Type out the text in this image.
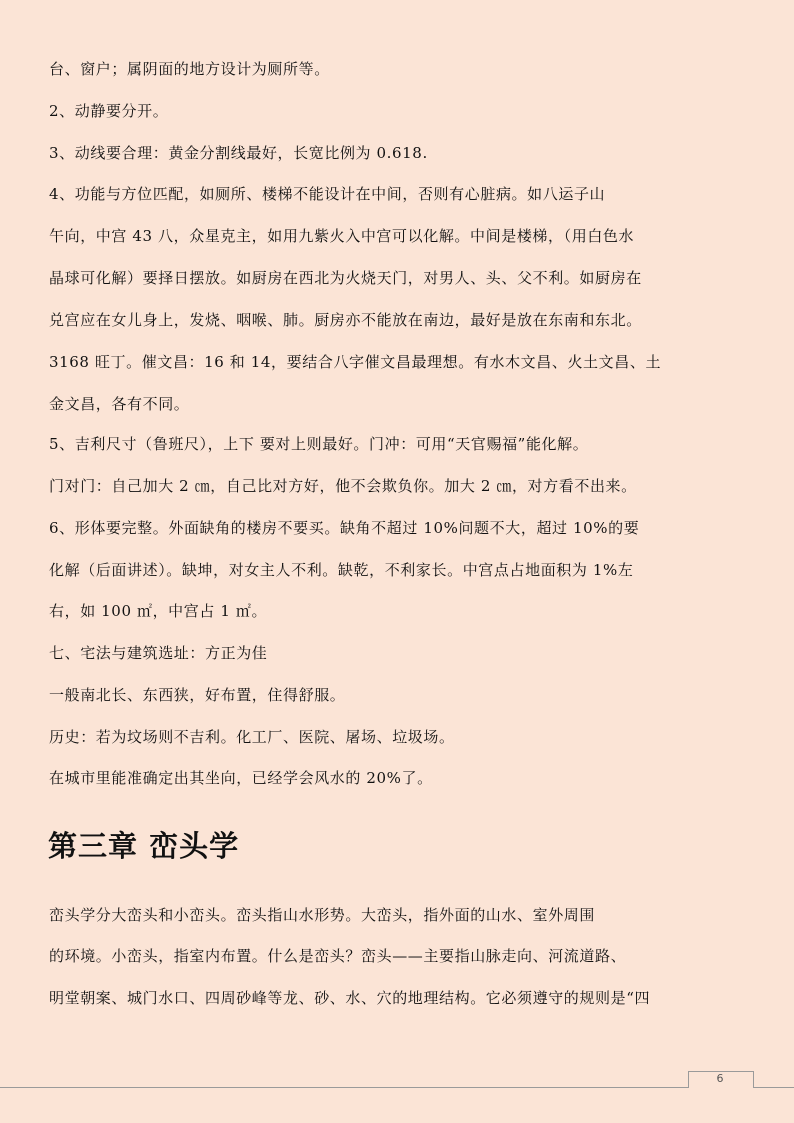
台、窗户；属阴面的地方设计为厕所等。
2、动静要分开。
3、动线要合理：黄金分割线最好，长宽比例为 0.618.
4、功能与方位匹配，如厕所、楼梯不能设计在中间，否则有心脏病。如八运子山
午向，中宫 43 八，众星克主，如用九紫火入中宫可以化解。中间是楼梯，（用白色水
晶球可化解）要择日摆放。如厨房在西北为火烧天门，对男人、头、父不利。如厨房在
兑宫应在女儿身上，发烧、咽喉、肺。厨房亦不能放在南边，最好是放在东南和东北。
3168 旺丁。催文昌：16 和 14，要结合八字催文昌最理想。有水木文昌、火土文昌、土
金文昌，各有不同。
5、吉利尺寸（鲁班尺），上下 要对上则最好。门冲：可用“天官赐福”能化解。
门对门：自己加大 2 ㎝，自己比对方好，他不会欺负你。加大 2 ㎝，对方看不出来。
6、形体要完整。外面缺角的楼房不要买。缺角不超过 10%问题不大，超过 10%的要
化解（后面讲述）。缺坤，对女主人不利。缺乾，不利家长。中宫点占地面积为 1%左
右，如 100 ㎡，中宫占 1 ㎡。
七、宅法与建筑选址：方正为佳
一般南北长、东西狭，好布置，住得舒服。
历史：若为坟场则不吉利。化工厂、医院、屠场、垃圾场。
在城市里能准确定出其坐向，已经学会风水的 20%了。
第三章 峦头学
峦头学分大峦头和小峦头。峦头指山水形势。大峦头，指外面的山水、室外周围
的环境。小峦头，指室内布置。什么是峦头？峦头——主要指山脉走向、河流道路、
明堂朝案、城门水口、四周砂峰等龙、砂、水、穴的地理结构。它必须遵守的规则是“四
6
